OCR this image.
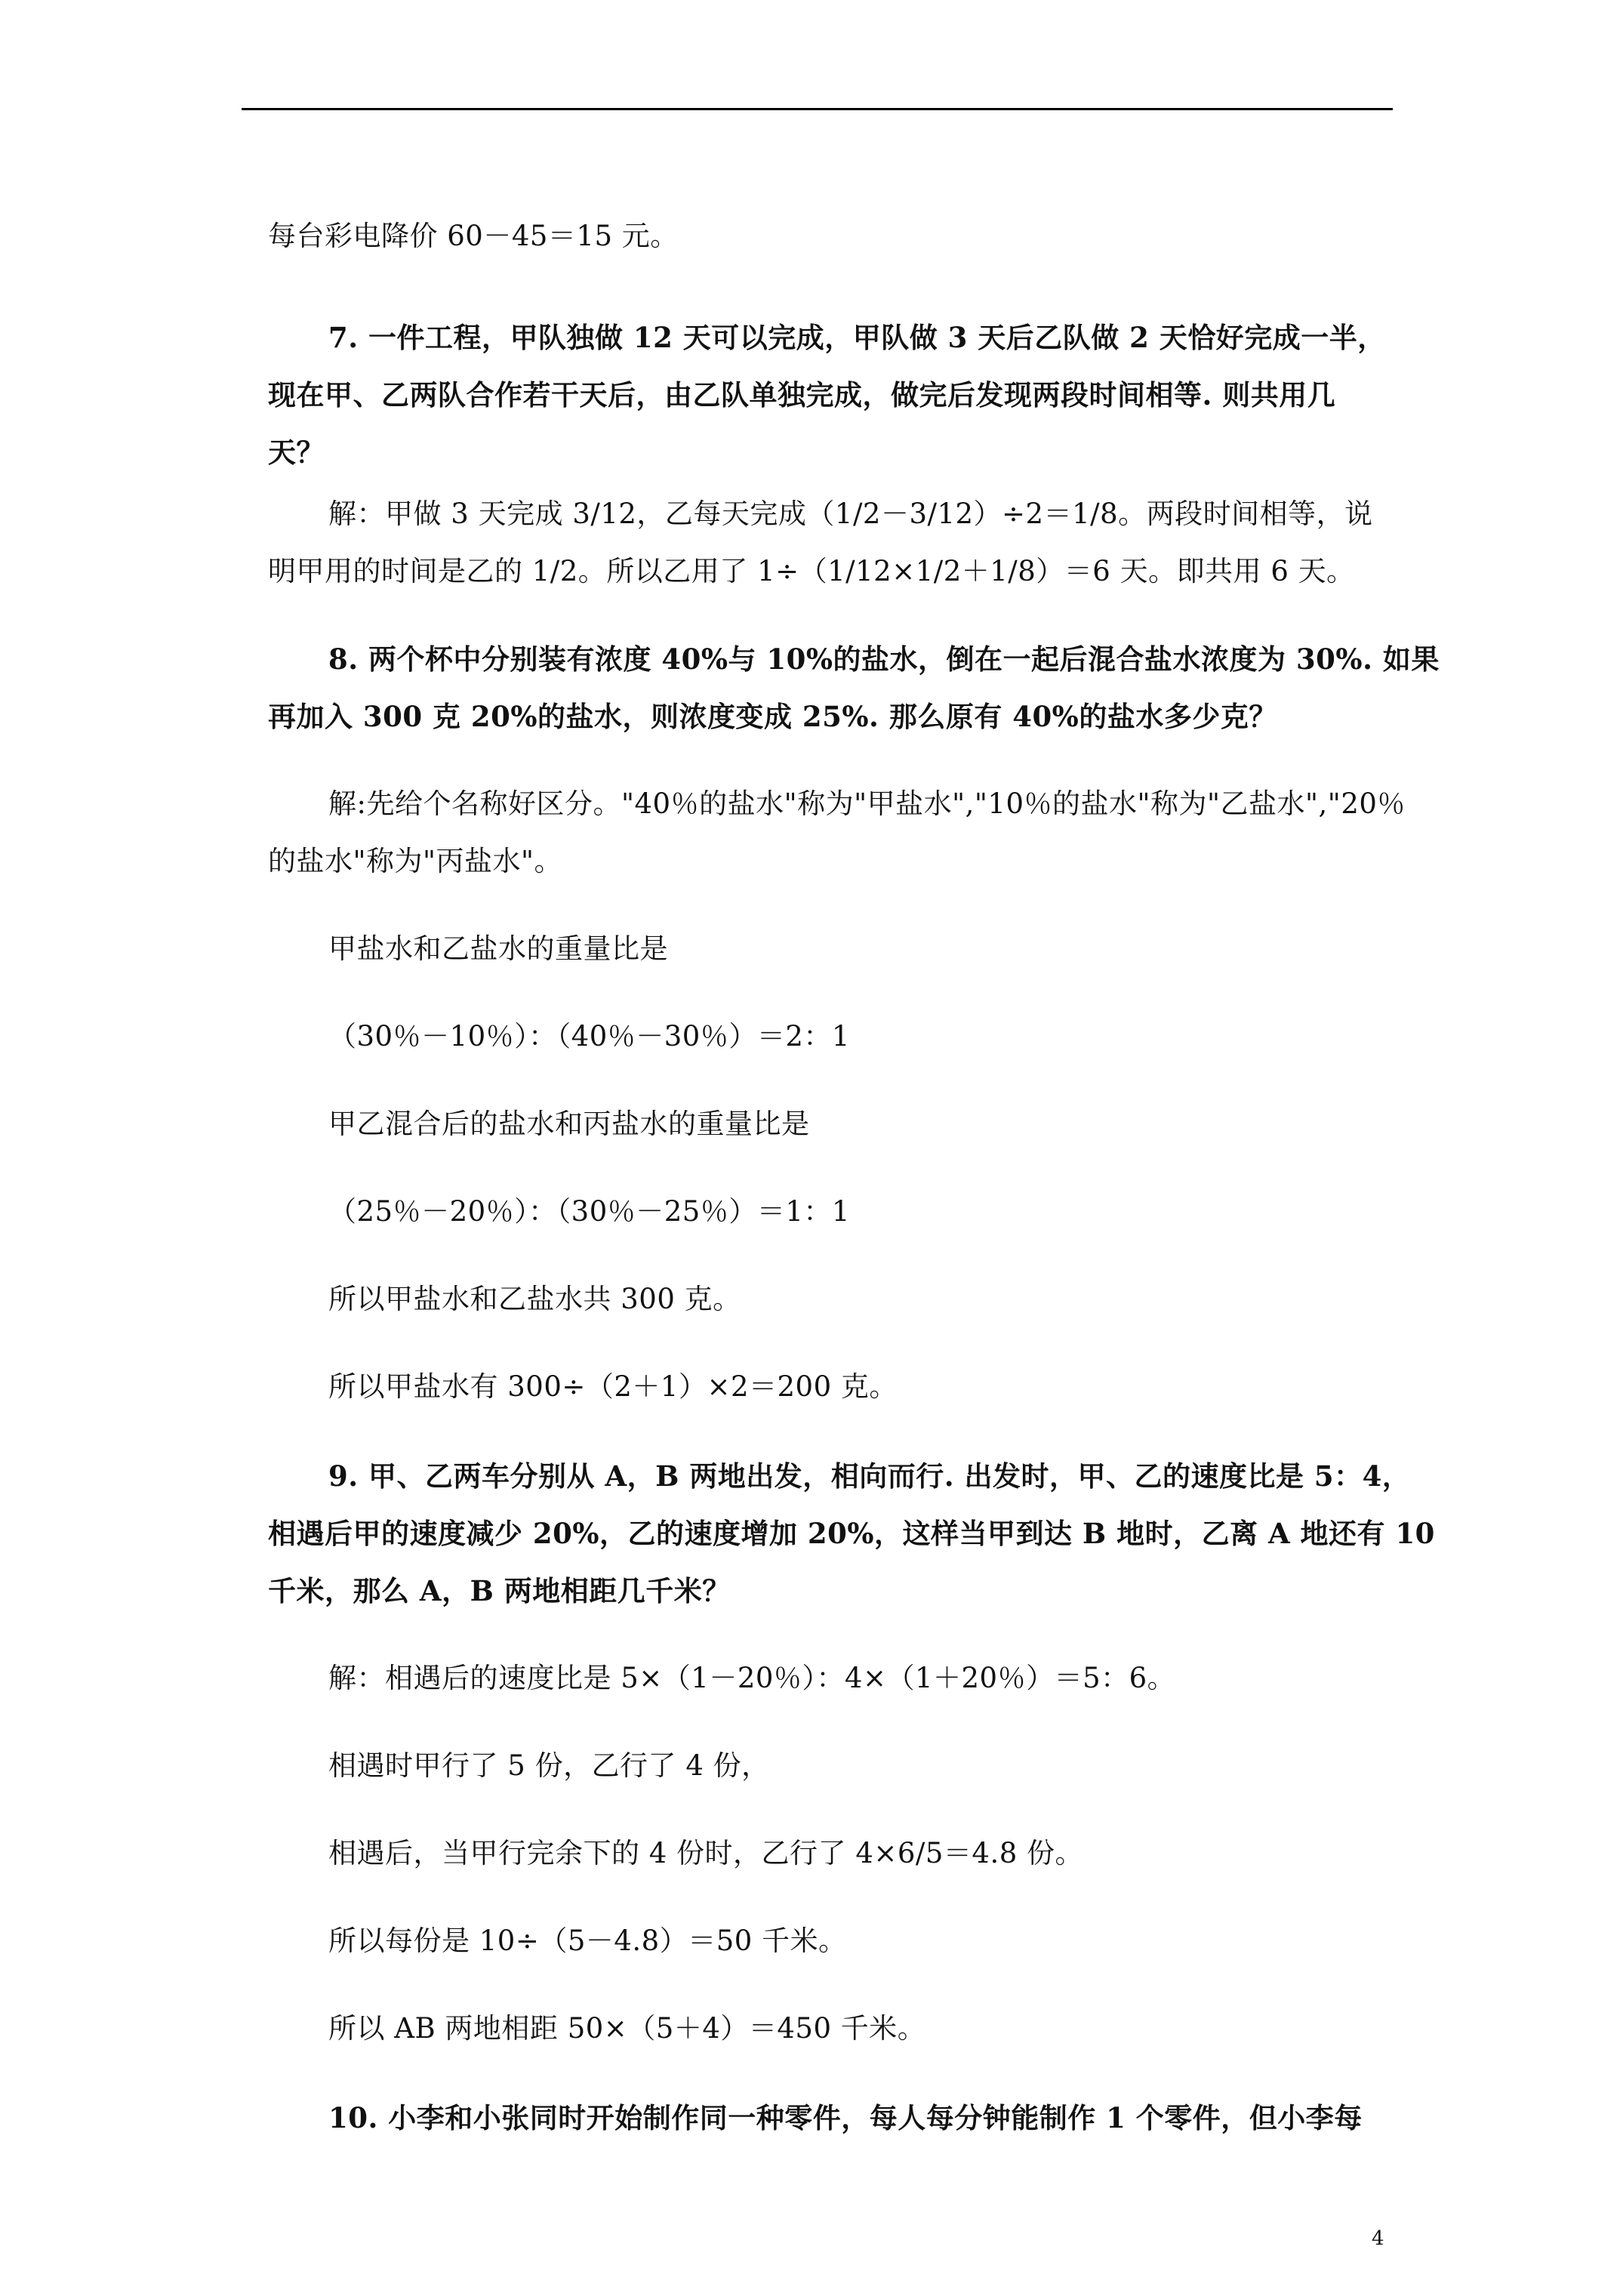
每台彩电降价 60－45＝15 元。
7. 一件工程，甲队独做 12 天可以完成，甲队做 3 天后乙队做 2 天恰好完成一半，
现在甲、乙两队合作若干天后，由乙队单独完成，做完后发现两段时间相等. 则共用几
天？
解：甲做 3 天完成 3/12，乙每天完成（1/2－3/12）÷2＝1/8。两段时间相等，说
明甲用的时间是乙的 1/2。所以乙用了 1÷（1/12×1/2＋1/8）＝6 天。即共用 6 天。
8. 两个杯中分别装有浓度 40%与 10%的盐水，倒在一起后混合盐水浓度为 30%. 如果
再加入 300 克 20%的盐水，则浓度变成 25%. 那么原有 40%的盐水多少克？
解:先给个名称好区分。"40％的盐水"称为"甲盐水","10％的盐水"称为"乙盐水","20％
的盐水"称为"丙盐水"。
甲盐水和乙盐水的重量比是
（30％－10％）：（40％－30％）＝2：1
甲乙混合后的盐水和丙盐水的重量比是
（25％－20％）：（30％－25％）＝1：1
所以甲盐水和乙盐水共 300 克。
所以甲盐水有 300÷（2＋1）×2＝200 克。
9. 甲、乙两车分别从 A，B 两地出发，相向而行. 出发时，甲、乙的速度比是 5：4，
相遇后甲的速度减少 20%，乙的速度增加 20%，这样当甲到达 B 地时，乙离 A 地还有 10
千米，那么 A，B 两地相距几千米？
解：相遇后的速度比是 5×（1－20％）：4×（1＋20％）＝5：6。
相遇时甲行了 5 份，乙行了 4 份，
相遇后，当甲行完余下的 4 份时，乙行了 4×6/5＝4.8 份。
所以每份是 10÷（5－4.8）＝50 千米。
所以 AB 两地相距 50×（5＋4）＝450 千米。
10. 小李和小张同时开始制作同一种零件，每人每分钟能制作 1 个零件，但小李每
4
